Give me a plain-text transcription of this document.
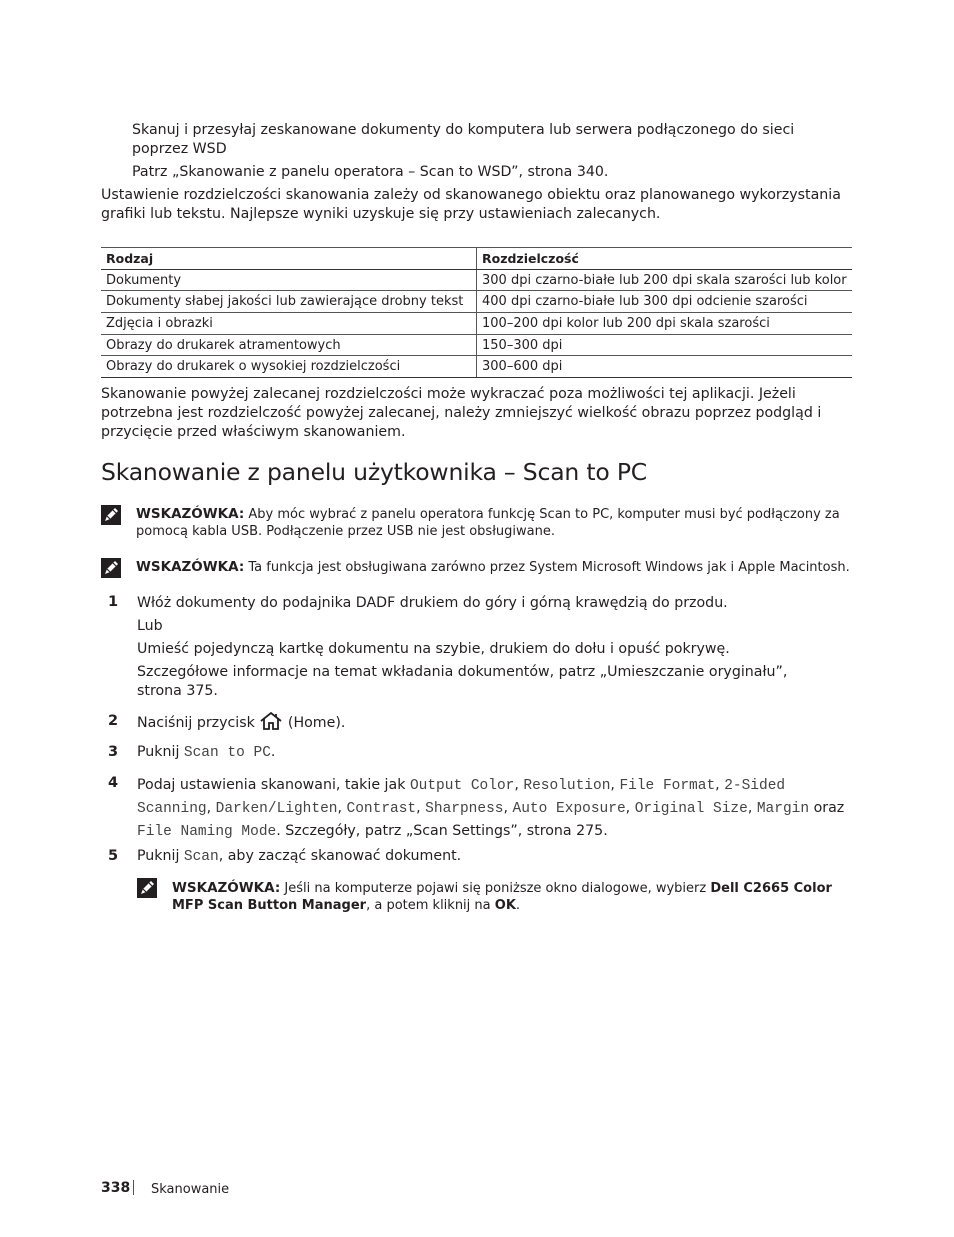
Skanuj i przesyłaj zeskanowane dokumenty do komputera lub serwera podłączonego do sieci poprzez WSD

Patrz „Skanowanie z panelu operatora – Scan to WSD”, strona 340.

Ustawienie rozdzielczości skanowania zależy od skanowanego obiektu oraz planowanego wykorzystania grafiki lub tekstu. Najlepsze wyniki uzyskuje się przy ustawieniach zalecanych.

Rodzaj	Rozdzielczość
Dokumenty	300 dpi czarno-białe lub 200 dpi skala szarości lub kolor
Dokumenty słabej jakości lub zawierające drobny tekst	400 dpi czarno-białe lub 300 dpi odcienie szarości
Zdjęcia i obrazki	100–200 dpi kolor lub 200 dpi skala szarości
Obrazy do drukarek atramentowych	150–300 dpi
Obrazy do drukarek o wysokiej rozdzielczości	300–600 dpi

Skanowanie powyżej zalecanej rozdzielczości może wykraczać poza możliwości tej aplikacji. Jeżeli potrzebna jest rozdzielczość powyżej zalecanej, należy zmniejszyć wielkość obrazu poprzez podgląd i przycięcie przed właściwym skanowaniem.

Skanowanie z panelu użytkownika – Scan to PC
WSKAZÓWKA: Aby móc wybrać z panelu operatora funkcję Scan to PC, komputer musi być podłączony za pomocą kabla USB. Podłączenie przez USB nie jest obsługiwane.
WSKAZÓWKA: Ta funkcja jest obsługiwana zarówno przez System Microsoft Windows jak i Apple Macintosh.
1 Włóż dokumenty do podajnika DADF drukiem do góry i górną krawędzią do przodu.
Lub
Umieść pojedynczą kartkę dokumentu na szybie, drukiem do dołu i opuść pokrywę.
Szczegółowe informacje na temat wkładania dokumentów, patrz „Umieszczanie oryginału”, strona 375.
2 Naciśnij przycisk (Home).
3 Puknij Scan to PC.
4 Podaj ustawienia skanowani, takie jak Output Color, Resolution, File Format, 2-Sided Scanning, Darken/Lighten, Contrast, Sharpness, Auto Exposure, Original Size, Margin oraz File Naming Mode. Szczegóły, patrz „Scan Settings”, strona 275.
5 Puknij Scan, aby zacząć skanować dokument.
WSKAZÓWKA: Jeśli na komputerze pojawi się poniższe okno dialogowe, wybierz Dell C2665 Color MFP Scan Button Manager, a potem kliknij na OK.
338 Skanowanie
